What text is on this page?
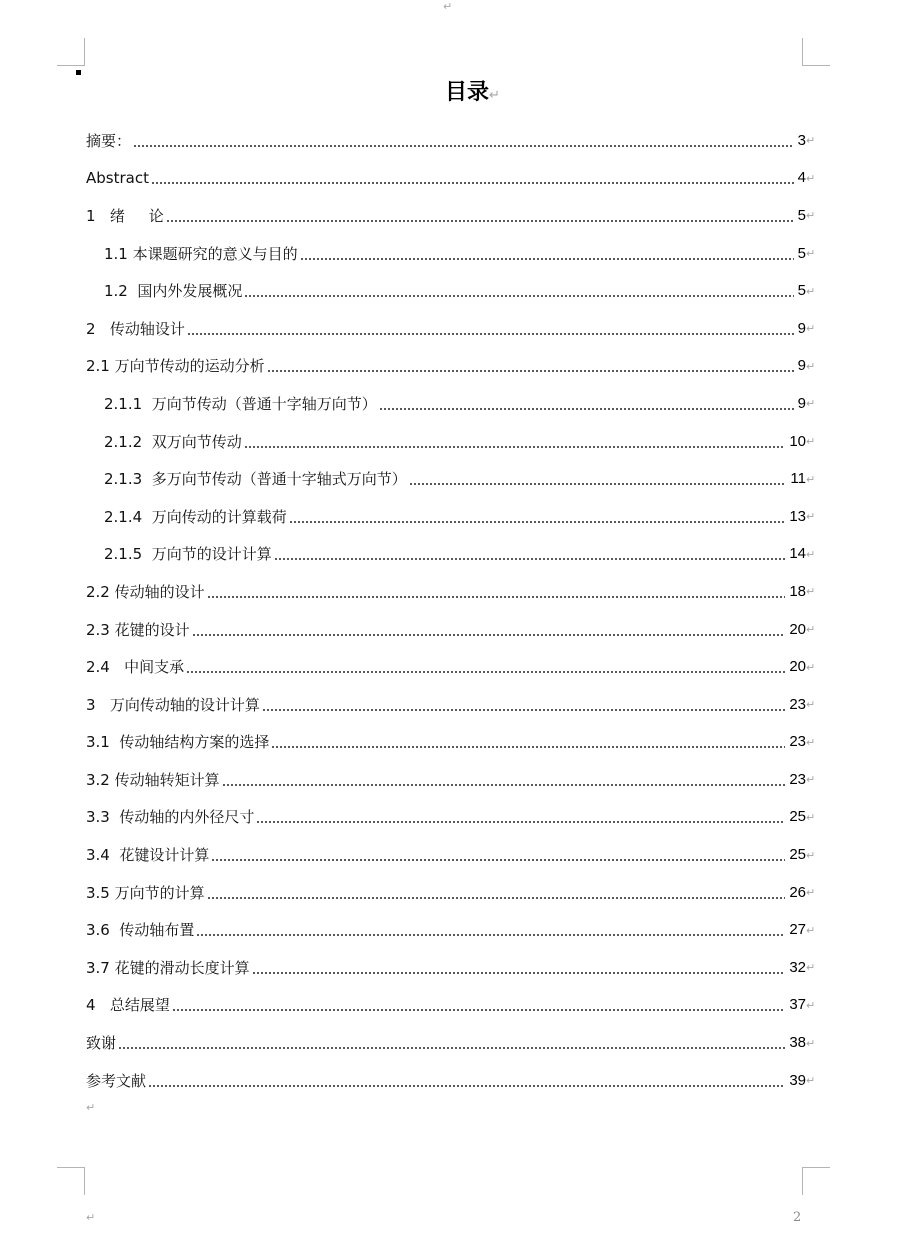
↵
目录↵
摘要：	3 ↵
Abstract	4 ↵
1   绪     论	5 ↵
1.1 本课题研究的意义与目的	5 ↵
1.2  国内外发展概况	5 ↵
2   传动轴设计	9 ↵
2.1 万向节传动的运动分析	9 ↵
2.1.1  万向节传动（普通十字轴万向节）	9 ↵
2.1.2  双万向节传动	10 ↵
2.1.3  多万向节传动（普通十字轴式万向节）	11 ↵
2.1.4  万向传动的计算载荷	13 ↵
2.1.5  万向节的设计计算	14 ↵
2.2 传动轴的设计	18 ↵
2.3 花键的设计	20 ↵
2.4   中间支承	20 ↵
3   万向传动轴的设计计算	23 ↵
3.1  传动轴结构方案的选择	23 ↵
3.2 传动轴转矩计算	23 ↵
3.3  传动轴的内外径尺寸	25 ↵
3.4  花键设计计算	25 ↵
3.5 万向节的计算	26 ↵
3.6  传动轴布置	27 ↵
3.7 花键的滑动长度计算	32 ↵
4   总结展望	37 ↵
致谢	38 ↵
参考文献	39 ↵
↵
↵	2
